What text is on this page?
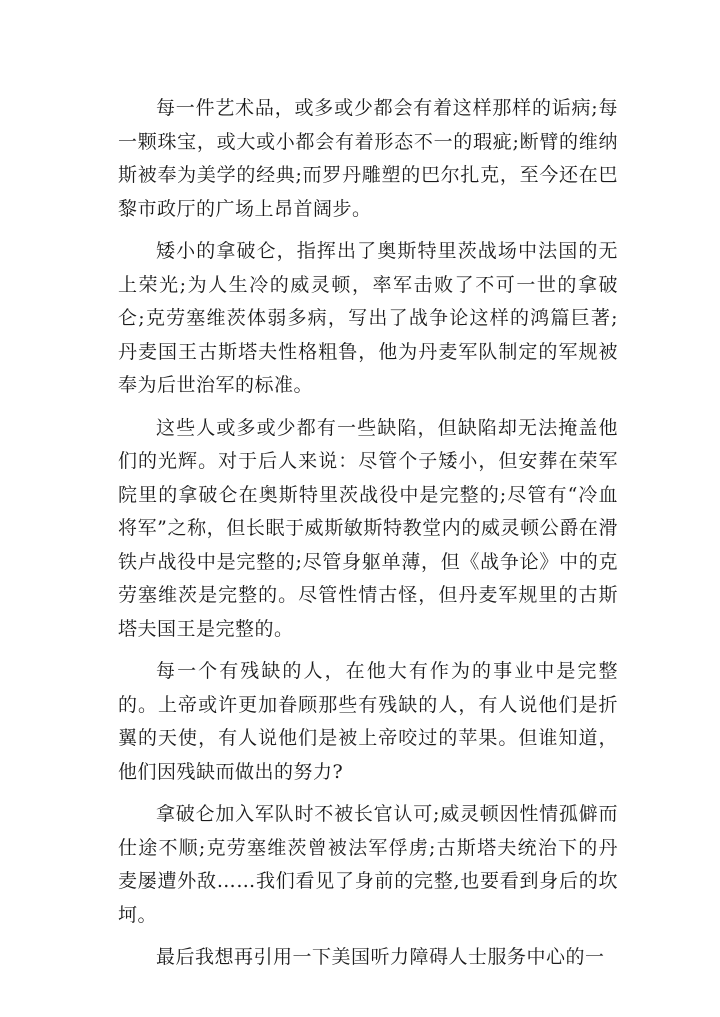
每一件艺术品，或多或少都会有着这样那样的诟病;每一颗珠宝，或大或小都会有着形态不一的瑕疵;断臂的维纳斯被奉为美学的经典;而罗丹雕塑的巴尔扎克，至今还在巴黎市政厅的广场上昂首阔步。

矮小的拿破仑，指挥出了奥斯特里茨战场中法国的无上荣光;为人生冷的威灵顿，率军击败了不可一世的拿破仑;克劳塞维茨体弱多病，写出了战争论这样的鸿篇巨著;丹麦国王古斯塔夫性格粗鲁，他为丹麦军队制定的军规被奉为后世治军的标准。

这些人或多或少都有一些缺陷，但缺陷却无法掩盖他们的光辉。对于后人来说：尽管个子矮小，但安葬在荣军院里的拿破仑在奥斯特里茨战役中是完整的;尽管有“冷血将军”之称，但长眠于威斯敏斯特教堂内的威灵顿公爵在滑铁卢战役中是完整的;尽管身躯单薄，但《战争论》中的克劳塞维茨是完整的。尽管性情古怪，但丹麦军规里的古斯塔夫国王是完整的。

每一个有残缺的人，在他大有作为的事业中是完整的。上帝或许更加眷顾那些有残缺的人，有人说他们是折翼的天使，有人说他们是被上帝咬过的苹果。但谁知道，他们因残缺而做出的努力?

拿破仑加入军队时不被长官认可;威灵顿因性情孤僻而仕途不顺;克劳塞维茨曾被法军俘虏;古斯塔夫统治下的丹麦屡遭外敌……我们看见了身前的完整,也要看到身后的坎坷。

最后我想再引用一下美国听力障碍人士服务中心的一
